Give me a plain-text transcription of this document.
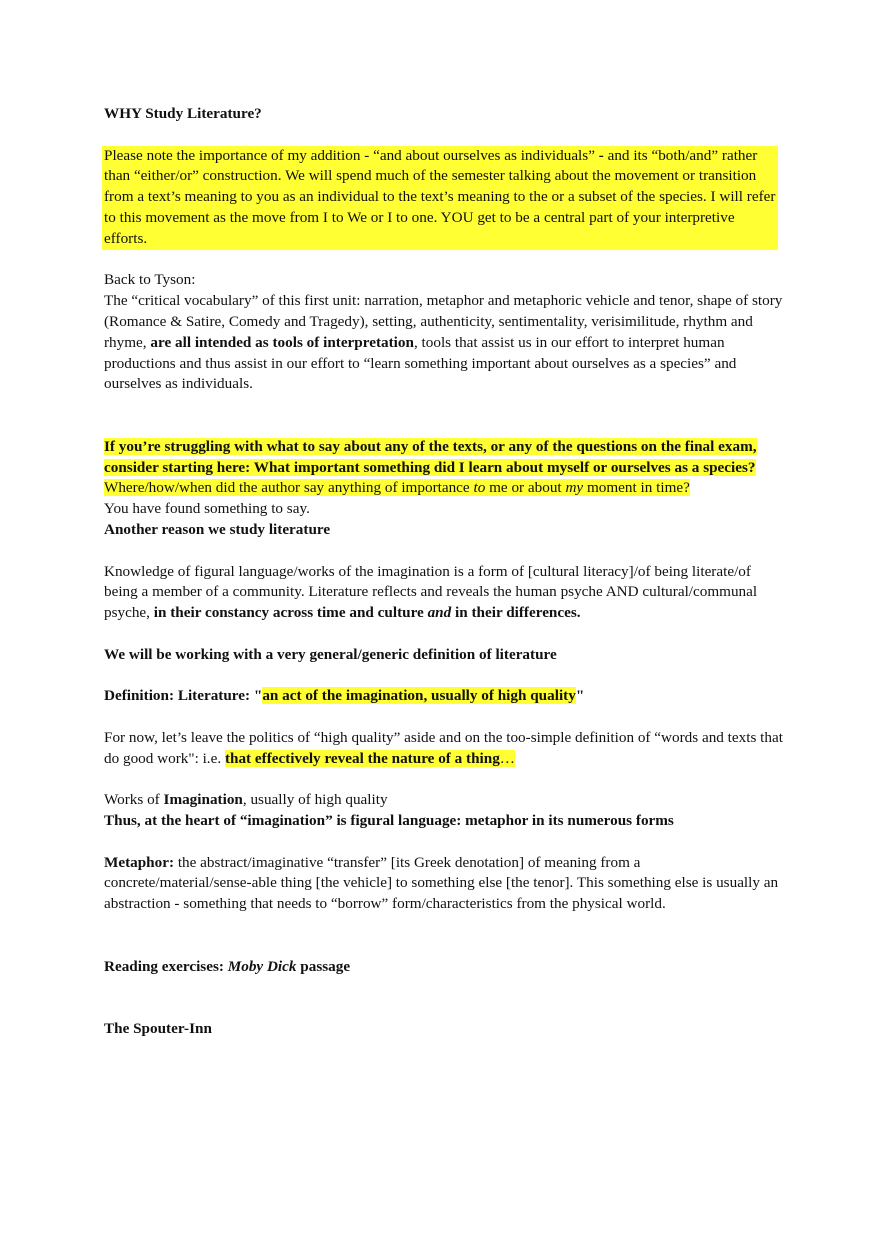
WHY Study Literature?

Please note the importance of my addition - “and about ourselves as individuals” - and its “both/and” rather than “either/or” construction. We will spend much of the semester talking about the movement or transition from a text’s meaning to you as an individual to the text’s meaning to the or a subset of the species. I will refer to this movement as the move from I to We or I to one. YOU get to be a central part of your interpretive efforts.

Back to Tyson:

The “critical vocabulary” of this first unit: narration, metaphor and metaphoric vehicle and tenor, shape of story (Romance & Satire, Comedy and Tragedy), setting, authenticity, sentimentality, verisimilitude, rhythm and rhyme, are all intended as tools of interpretation, tools that assist us in our effort to interpret human productions and thus assist in our effort to “learn something important about ourselves as a species” and ourselves as individuals.

If you’re struggling with what to say about any of the texts, or any of the questions on the final exam, consider starting here: What important something did I learn about myself or ourselves as a species? Where/how/when did the author say anything of importance to me or about my moment in time?

You have found something to say.

Another reason we study literature

Knowledge of figural language/works of the imagination is a form of [cultural literacy]/of being literate/of being a member of a community. Literature reflects and reveals the human psyche AND cultural/communal psyche, in their constancy across time and culture and in their differences.

We will be working with a very general/generic definition of literature

Definition: Literature: "an act of the imagination, usually of high quality"

For now, let’s leave the politics of “high quality” aside and on the too-simple definition of “words and texts that do good work": i.e. that effectively reveal the nature of a thing…

Works of Imagination, usually of high quality

Thus, at the heart of “imagination” is figural language: metaphor in its numerous forms

Metaphor: the abstract/imaginative “transfer” [its Greek denotation] of meaning from a concrete/material/sense-able thing [the vehicle] to something else [the tenor]. This something else is usually an abstraction - something that needs to “borrow” form/characteristics from the physical world.

Reading exercises: Moby Dick passage

The Spouter-Inn
